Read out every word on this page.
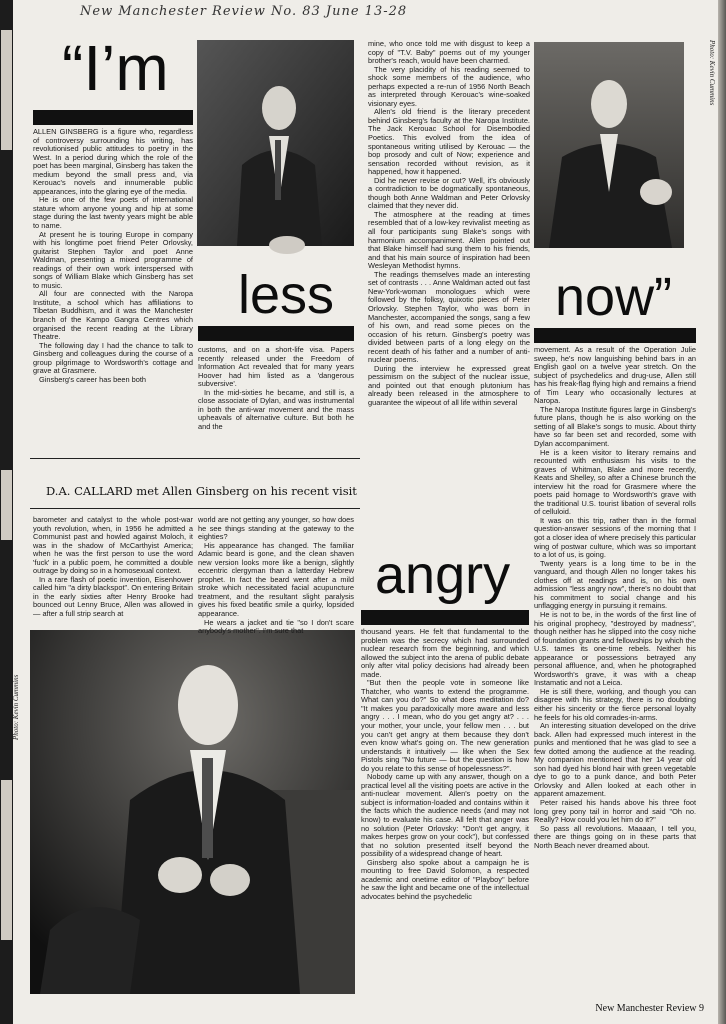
New Manchester Review No. 83 June 13-28
“I’m
less	now”
D.A. CALLARD met Allen Ginsberg on his recent visit
angry
Photo: Kevin Cummins
Photo: Kevin Cummins

ALLEN GINSBERG is a figure who, regardless of controversy surrounding his writing, has revolutionised public attitudes to poetry in the West. In a period during which the role of the poet has been marginal, Ginsberg has taken the medium beyond the small press and, via Kerouac's novels and innumerable public appearances, into the glaring eye of the media.

He is one of the few poets of international stature whom anyone young and hip at some stage during the last twenty years might be able to name.

At present he is touring Europe in company with his longtime poet friend Peter Orlovsky, guitarist Stephen Taylor and poet Anne Waldman, presenting a mixed programme of readings of their own work interspersed with songs of William Blake which Ginsberg has set to music.

All four are connected with the Naropa Institute, a school which has affiliations to Tibetan Buddhism, and it was the Manchester branch of the Kampo Gangra Centres which organised the recent reading at the Library Theatre.

The following day I had the chance to talk to Ginsberg and colleagues during the course of a group pilgrimage to Wordsworth's cottage and grave at Grasmere.

Ginsberg's career has been both

customs, and on a short-life visa. Papers recently released under the Freedom of Information Act revealed that for many years Hoover had him listed as a 'dangerous subversive'.

In the mid-sixties he became, and still is, a close associate of Dylan, and was instrumental in both the anti-war movement and the mass upheavals of alternative culture. But both he and the

mine, who once told me with disgust to keep a copy of "T.V. Baby" poems out of my younger brother's reach, would have been charmed.

The very placidity of his reading seemed to shock some members of the audience, who perhaps expected a re-run of 1956 North Beach as interpreted through Kerouac's wine-soaked visionary eyes.

Allen's old friend is the literary precedent behind Ginsberg's faculty at the Naropa Institute. The Jack Kerouac School for Disembodied Poetics. This evolved from the idea of spontaneous writing utilised by Kerouac — the bop prosody and cult of Now; experience and sensation recorded without revision, as it happened, how it happened.

Did he never revise or cut? Well, it's obviously a contradiction to be dogmatically spontaneous, though both Anne Waldman and Peter Orlovsky claimed that they never did.

The atmosphere at the reading at times resembled that of a low-key revivalist meeting as all four participants sung Blake's songs with harmonium accompaniment. Allen pointed out that Blake himself had sung them to his friends, and that his main source of inspiration had been Wesleyan Methodist hymns.

The readings themselves made an interesting set of contrasts . . . Anne Waldman acted out fast New-York-woman monologues which were followed by the folksy, quixotic pieces of Peter Orlovsky. Stephen Taylor, who was born in Manchester, accompanied the songs, sang a few of his own, and read some pieces on the occasion of his return. Ginsberg's poetry was divided between parts of a long elegy on the recent death of his father and a number of anti-nuclear poems.

During the interview he expressed great pessimism on the subject of the nuclear issue, and pointed out that enough plutonium has already been released in the atmosphere to guarantee the wipeout of all life within several

movement. As a result of the Operation Julie sweep, he's now languishing behind bars in an English gaol on a twelve year stretch. On the subject of psychedelics and drug-use, Allen still has his freak-flag flying high and remains a friend of Tim Leary who occasionally lectures at Naropa.

The Naropa Institute figures large in Ginsberg's future plans, though he is also working on the setting of all Blake's songs to music. About thirty have so far been set and recorded, some with Dylan accompaniment.

He is a keen visitor to literary remains and recounted with enthusiasm his visits to the graves of Whitman, Blake and more recently, Keats and Shelley, so after a Chinese brunch the interview hit the road for Grasmere where the poets paid homage to Wordsworth's grave with the traditional U.S. tourist libation of several rolls of celluloid.

It was on this trip, rather than in the formal question-answer sessions of the morning that I got a closer idea of where precisely this particular wing of postwar culture, which was so important to a lot of us, is going.

Twenty years is a long time to be in the vanguard, and though Allen no longer takes his clothes off at readings and is, on his own admission "less angry now", there's no doubt that his commitment to social change and his unflagging energy in pursuing it remains.

He is not to be, in the words of the first line of his original prophecy, "destroyed by madness", though neither has he slipped into the cosy niche of foundation grants and fellowships by which the U.S. tames its one-time rebels. Neither his appearance or possessions betrayed any personal affluence, and, when he photographed Wordsworth's grave, it was with a cheap Instamatic and not a Leica.

He is still there, working, and though you can disagree with his strategy, there is no doubting either his sincerity or the fierce personal loyalty he feels for his old comrades-in-arms.

An interesting situation developed on the drive back. Allen had expressed much interest in the punks and mentioned that he was glad to see a few dotted among the audience at the reading. My companion mentioned that her 14 year old son had dyed his blond hair with green vegetable dye to go to a punk dance, and both Peter Orlovsky and Allen looked at each other in apparent amazement.

Peter raised his hands above his three foot long grey pony tail in horror and said "Oh no. Really? How could you let him do it?"

So pass all revolutions. Maaaan, I tell you, there are things going on in these parts that North Beach never dreamed about.

barometer and catalyst to the whole post-war youth revolution, when, in 1956 he admitted a Communist past and howled against Moloch, it was in the shadow of McCarthyist America; when he was the first person to use the word 'fuck' in a public poem, he committed a double outrage by doing so in a homosexual context.

In a rare flash of poetic invention, Eisenhower called him "a dirty blackspot". On entering Britain in the early sixties after Henry Brooke had bounced out Lenny Bruce, Allen was allowed in — after a full strip search at

world are not getting any younger, so how does he see things standing at the gateway to the eighties?

His appearance has changed. The familiar Adamic beard is gone, and the clean shaven new version looks more like a benign, slightly eccentric clergyman than a latterday Hebrew prophet. In fact the beard went after a mild stroke which necessitated facial acupuncture treatment, and the resultant slight paralysis gives his fixed beatific smile a quirky, lopsided appearance.

He wears a jacket and tie "so I don't scare anybody's mother". I'm sure that	thousand years. He felt that fundamental to the problem was the secrecy which had surrounded nuclear research from the beginning, and which allowed the subject into the arena of public debate only after vital policy decisions had already been made.

"But then the people vote in someone like Thatcher, who wants to extend the programme. What can you do?" So what does meditation do? "It makes you paradoxically more aware and less angry . . . I mean, who do you get angry at? . . . your mother, your uncle, your fellow men . . . but you can't get angry at them because they don't even know what's going on. The new generation understands it intuitively — like when the Sex Pistols sing "No future — but the question is how do you relate to this sense of hopelessness?".

Nobody came up with any answer, though on a practical level all the visiting poets are active in the anti-nuclear movement. Allen's poetry on the subject is information-loaded and contains within it the facts which the audience needs (and may not know) to evaluate his case. All felt that anger was no solution (Peter Orlovsky: "Don't get angry, it makes herpes grow on your cock"), but confessed that no solution presented itself beyond the possibility of a widespread change of heart.

Ginsberg also spoke about a campaign he is mounting to free David Solomon, a respected academic and onetime editor of "Playboy" before he saw the light and became one of the intellectual advocates behind the psychedelic

New Manchester Review 9
